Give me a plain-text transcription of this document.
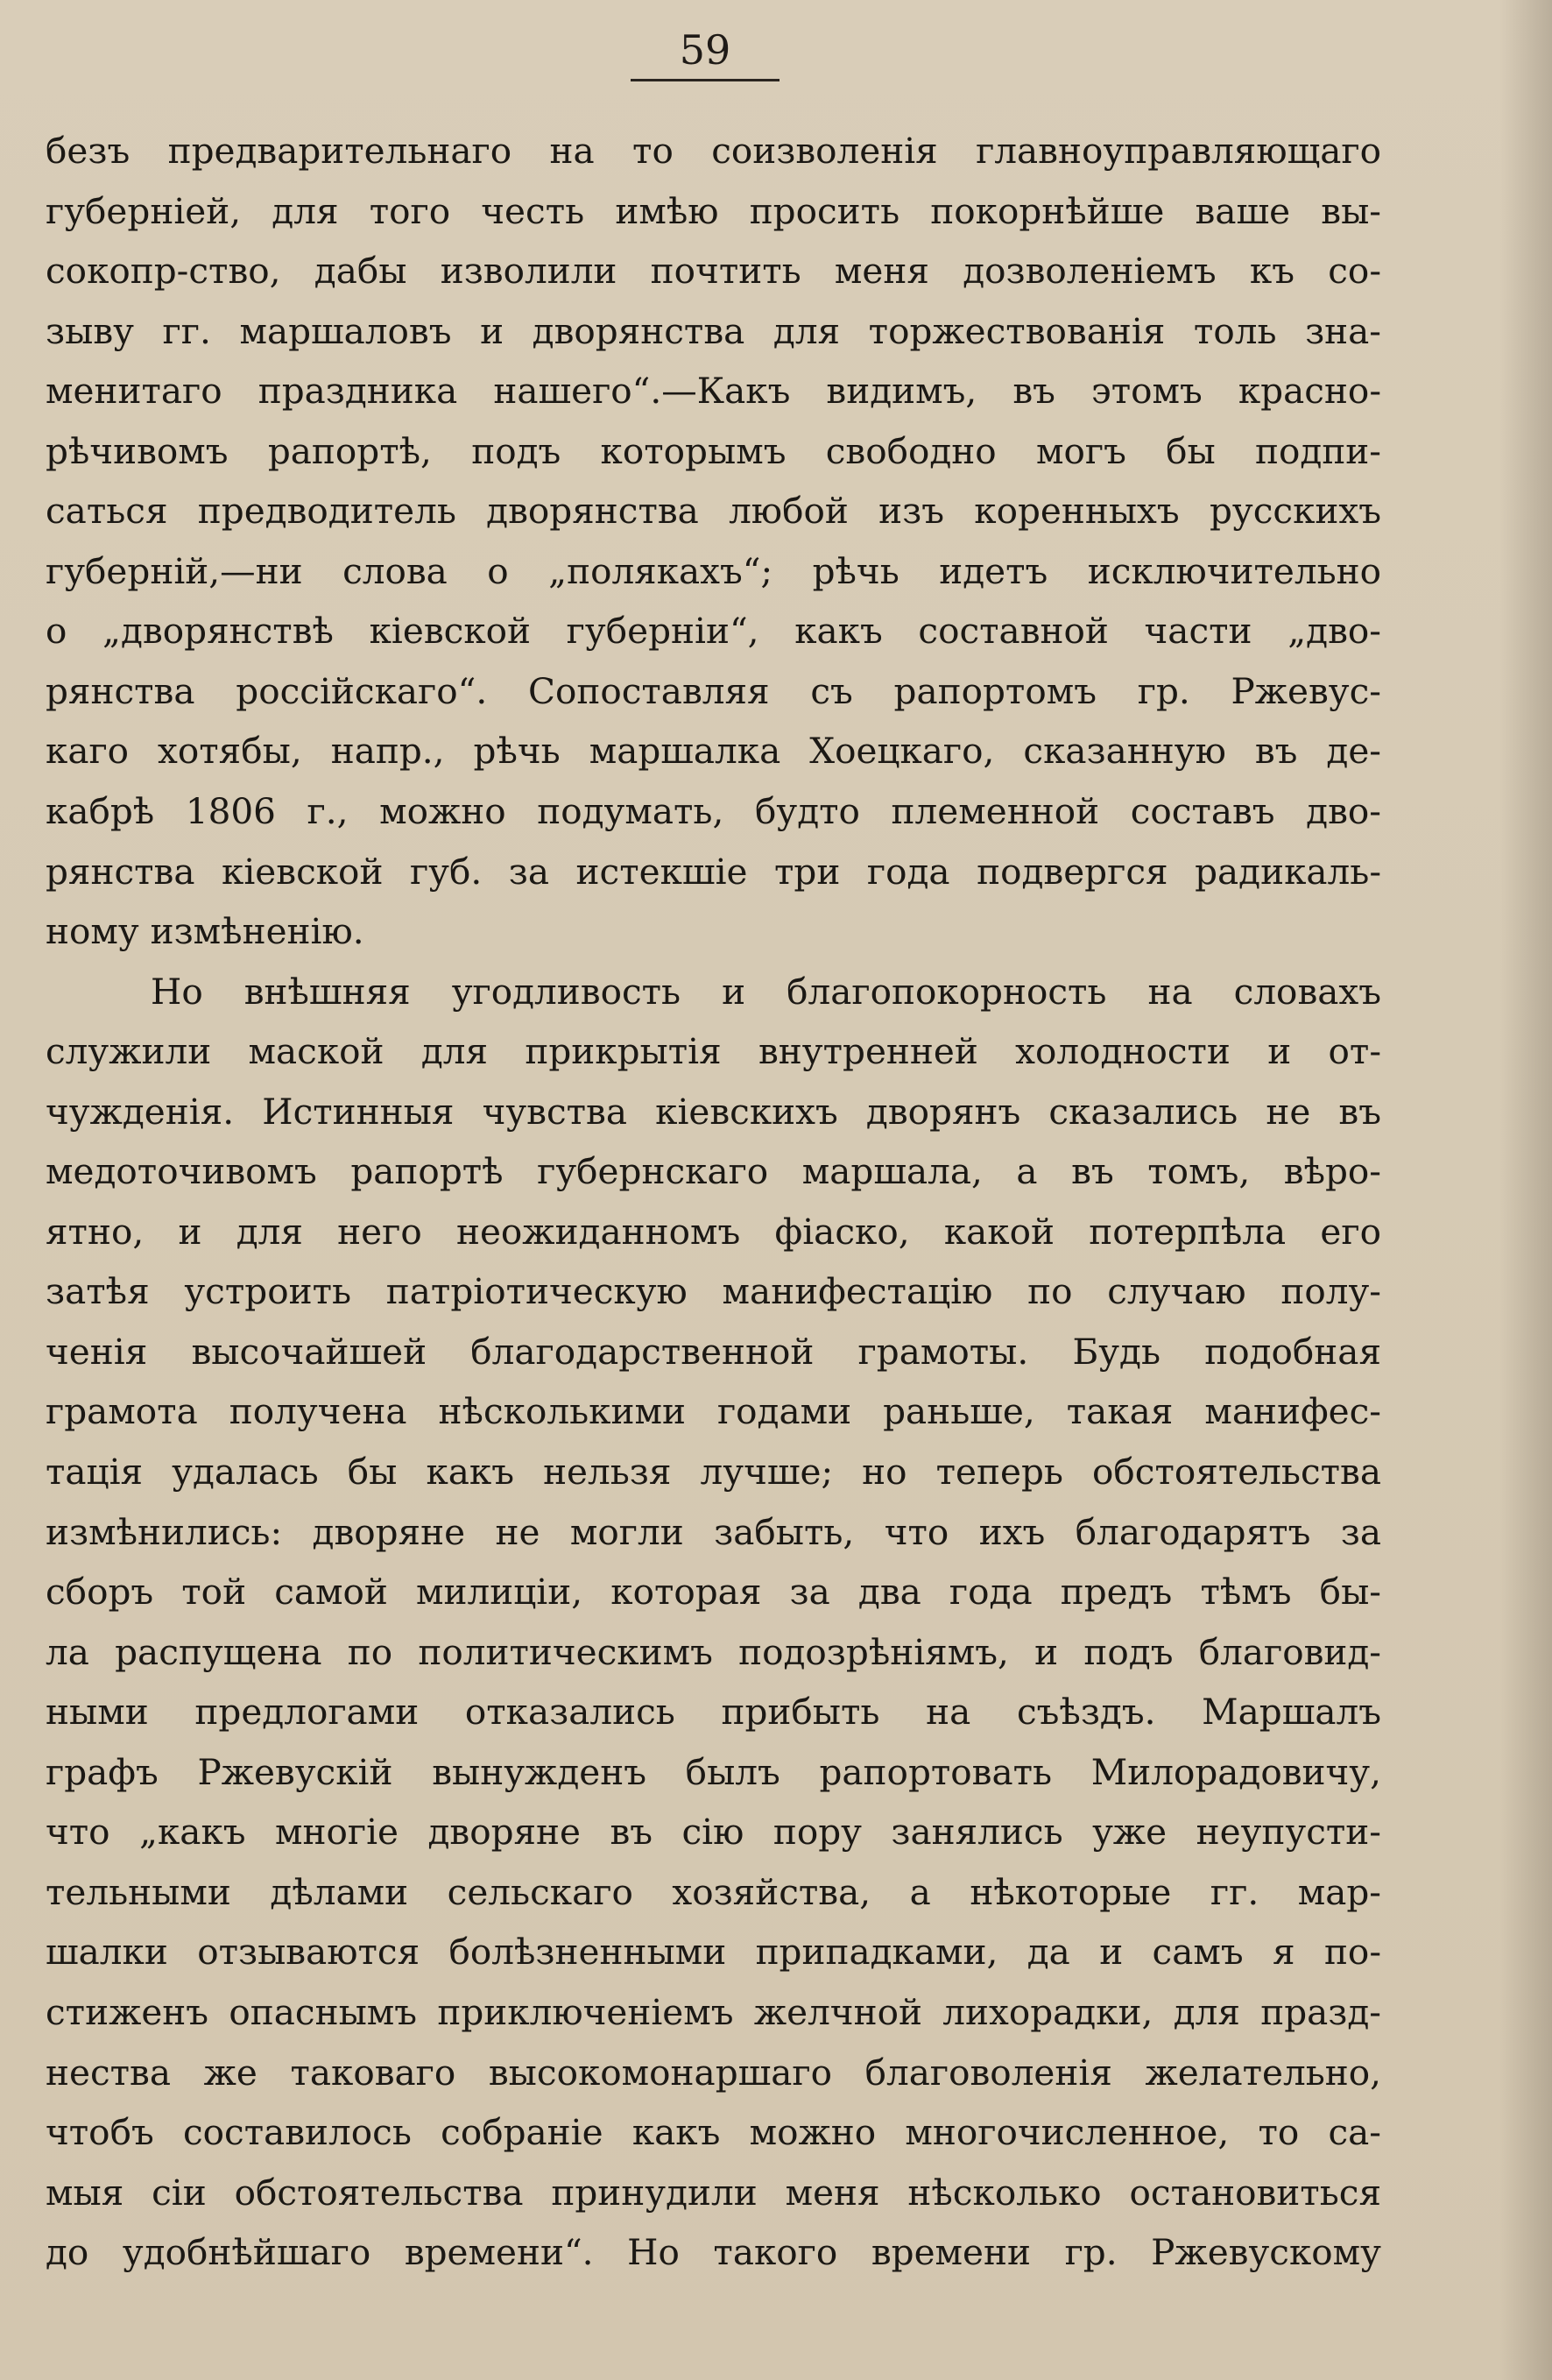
59
безъ предварительнаго на то соизволенія главноуправляющаго
губерніей, для того честь имѣю просить покорнѣйше ваше вы-
сокопр-ство, дабы изволили почтить меня дозволеніемъ къ со-
зыву гг. маршаловъ и дворянства для торжествованія толь зна-
менитаго праздника нашего“.—Какъ видимъ, въ этомъ красно-
рѣчивомъ рапортѣ, подъ которымъ свободно могъ бы подпи-
саться предводитель дворянства любой изъ коренныхъ русскихъ
губерній,—ни слова о „полякахъ“; рѣчь идетъ исключительно
о „дворянствѣ кіевской губерніи“, какъ составной части „дво-
рянства россійскаго“. Сопоставляя съ рапортомъ гр. Ржевус-
каго хотябы, напр., рѣчь маршалка Хоецкаго, сказанную въ де-
кабрѣ 1806 г., можно подумать, будто племенной составъ дво-
рянства кіевской губ. за истекшіе три года подвергся радикаль-
ному измѣненію.
Но внѣшняя угодливость и благопокорность на словахъ
служили маской для прикрытія внутренней холодности и от-
чужденія. Истинныя чувства кіевскихъ дворянъ сказались не въ
медоточивомъ рапортѣ губернскаго маршала, а въ томъ, вѣро-
ятно, и для него неожиданномъ фіаско, какой потерпѣла его
затѣя устроить патріотическую манифестацію по случаю полу-
ченія высочайшей благодарственной грамоты. Будь подобная
грамота получена нѣсколькими годами раньше, такая манифес-
тація удалась бы какъ нельзя лучше; но теперь обстоятельства
измѣнились: дворяне не могли забыть, что ихъ благодарятъ за
сборъ той самой милиціи, которая за два года предъ тѣмъ бы-
ла распущена по политическимъ подозрѣніямъ, и подъ благовид-
ными предлогами отказались прибыть на съѣздъ. Маршалъ
графъ Ржевускій вынужденъ былъ рапортовать Милорадовичу,
что „какъ многіе дворяне въ сію пору занялись уже неупусти-
тельными дѣлами сельскаго хозяйства, а нѣкоторые гг. мар-
шалки отзываются болѣзненными припадками, да и самъ я по-
стиженъ опаснымъ приключеніемъ желчной лихорадки, для празд-
нества же таковаго высокомонаршаго благоволенія желательно,
чтобъ составилось собраніе какъ можно многочисленное, то са-
мыя сіи обстоятельства принудили меня нѣсколько остановиться
до удобнѣйшаго времени“. Но такого времени гр. Ржевускому
